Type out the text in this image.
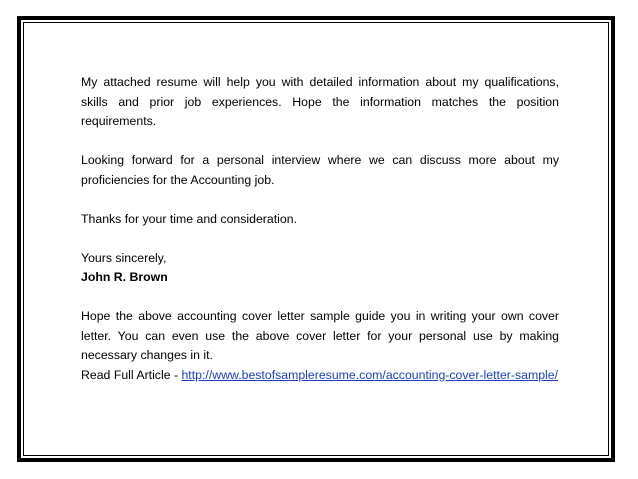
My attached resume will help you with detailed information about my qualifications, skills and prior job experiences. Hope the information matches the position requirements.

Looking forward for a personal interview where we can discuss more about my proficiencies for the Accounting job.

Thanks for your time and consideration.

Yours sincerely,

John R. Brown

Hope the above accounting cover letter sample guide you in writing your own cover letter. You can even use the above cover letter for your personal use by making necessary changes in it.

Read Full Article - http://www.bestofsampleresume.com/accounting-cover-letter-sample/
